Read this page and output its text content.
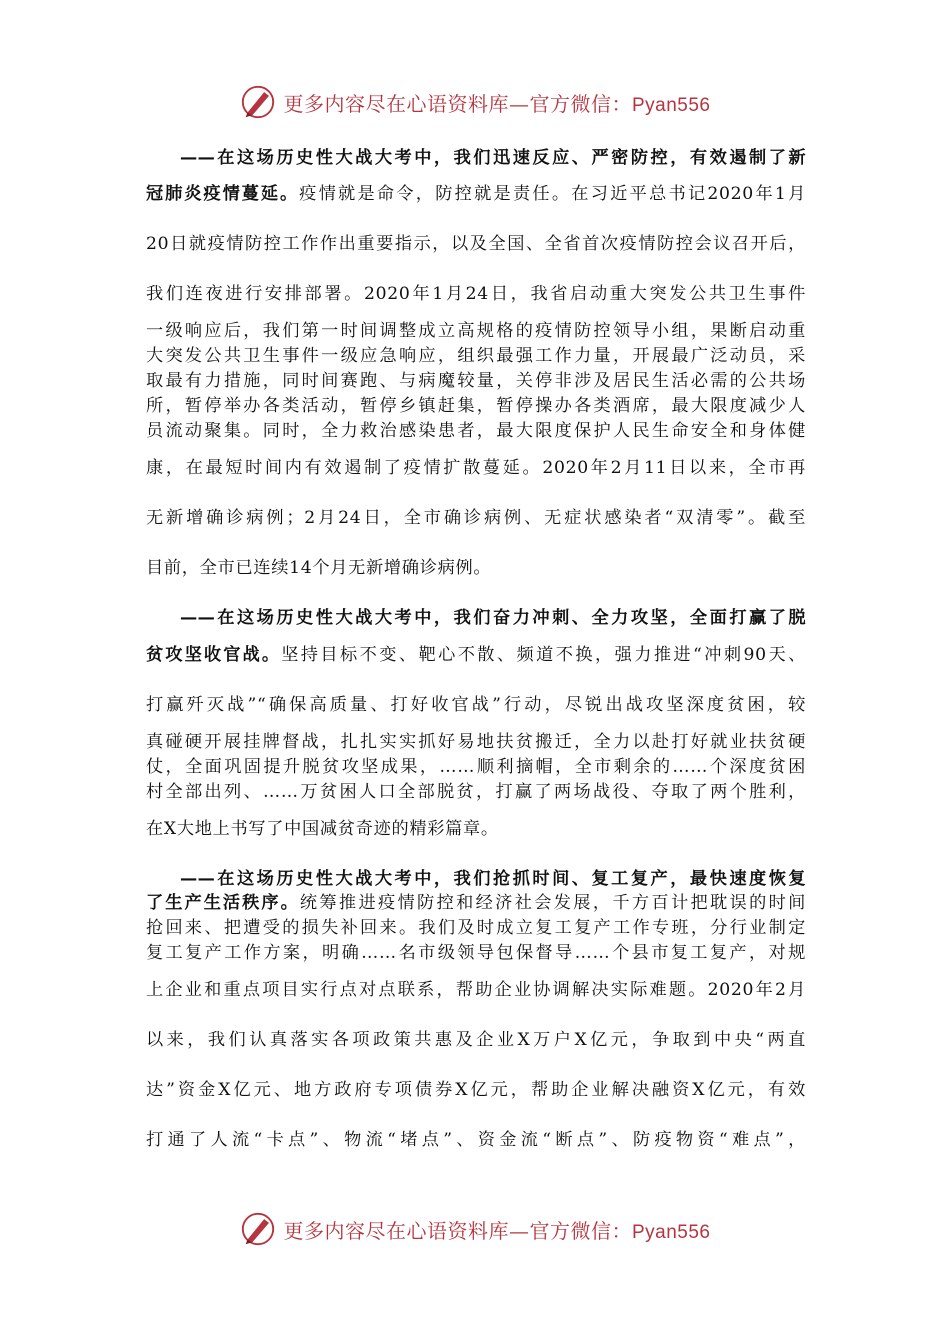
更多内容尽在心语资料库—官方微信：Pyan556
——在这场历史性大战大考中，我们迅速反应、严密防控，有效遏制了新
冠肺炎疫情蔓延。疫情就是命令，防控就是责任。在习近平总书记2020年1月
20日就疫情防控工作作出重要指示，以及全国、全省首次疫情防控会议召开后，
我们连夜进行安排部署。2020年1月24日，我省启动重大突发公共卫生事件
一级响应后，我们第一时间调整成立高规格的疫情防控领导小组，果断启动重
大突发公共卫生事件一级应急响应，组织最强工作力量，开展最广泛动员，采
取最有力措施，同时间赛跑、与病魔较量，关停非涉及居民生活必需的公共场
所，暂停举办各类活动，暂停乡镇赶集，暂停操办各类酒席，最大限度减少人
员流动聚集。同时，全力救治感染患者，最大限度保护人民生命安全和身体健
康，在最短时间内有效遏制了疫情扩散蔓延。2020年2月11日以来，全市再
无新增确诊病例；2月24日，全市确诊病例、无症状感染者“双清零”。截至
目前，全市已连续14个月无新增确诊病例。
——在这场历史性大战大考中，我们奋力冲刺、全力攻坚，全面打赢了脱
贫攻坚收官战。坚持目标不变、靶心不散、频道不换，强力推进“冲刺90天、
打赢歼灭战”“确保高质量、打好收官战”行动，尽锐出战攻坚深度贫困，较
真碰硬开展挂牌督战，扎扎实实抓好易地扶贫搬迁，全力以赴打好就业扶贫硬
仗，全面巩固提升脱贫攻坚成果，……顺利摘帽，全市剩余的……个深度贫困
村全部出列、……万贫困人口全部脱贫，打赢了两场战役、夺取了两个胜利，
在X大地上书写了中国减贫奇迹的精彩篇章。
——在这场历史性大战大考中，我们抢抓时间、复工复产，最快速度恢复
了生产生活秩序。统筹推进疫情防控和经济社会发展，千方百计把耽误的时间
抢回来、把遭受的损失补回来。我们及时成立复工复产工作专班，分行业制定
复工复产工作方案，明确……名市级领导包保督导……个县市复工复产，对规
上企业和重点项目实行点对点联系，帮助企业协调解决实际难题。2020年2月
以来，我们认真落实各项政策共惠及企业X万户X亿元，争取到中央“两直
达”资金X亿元、地方政府专项债券X亿元，帮助企业解决融资X亿元，有效
打通了人流“卡点”、物流“堵点”、资金流“断点”、防疫物资“难点”，
更多内容尽在心语资料库—官方微信：Pyan556
